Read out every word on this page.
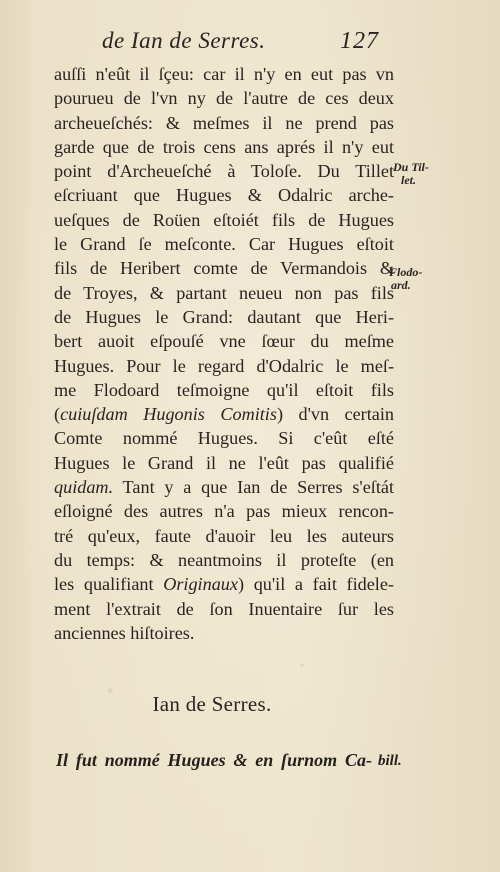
de Ian de Serres.	127
auſſi n'eût il ſçeu: car il n'y en eut pas vn
pourueu de l'vn ny de l'autre de ces deux
archeueſchés: & meſmes il ne prend pas
garde que de trois cens ans aprés il n'y eut
point d'Archeueſché à Toloſe. Du Tillet
eſcriuant que Hugues & Odalric arche-
ueſques de Roüen eſtoiét fils de Hugues
le Grand ſe meſconte. Car Hugues eſtoit
fils de Heribert comte de Vermandois &
de Troyes, & partant neueu non pas fils
de Hugues le Grand: dautant que Heri-
bert auoit eſpouſé vne ſœur du meſme
Hugues. Pour le regard d'Odalric le meſ-
me Flodoard teſmoigne qu'il eſtoit fils
(cuiuſdam Hugonis Comitis) d'vn certain
Comte nommé Hugues. Si c'eût eſté
Hugues le Grand il ne l'eût pas qualifié
quidam. Tant y a que Ian de Serres s'eſtát
eſloigné des autres n'a pas mieux rencon-
tré qu'eux, faute d'auoir leu les auteurs
du temps: & neantmoins il proteſte (en
les qualifiant Originaux) qu'il a fait fidele-
ment l'extrait de ſon Inuentaire ſur les
anciennes hiſtoires.
Du Til-
let.
Flodo-
ard.
Ian de Serres.
Il fut nommé Hugues & en ſurnom Ca- bill.
